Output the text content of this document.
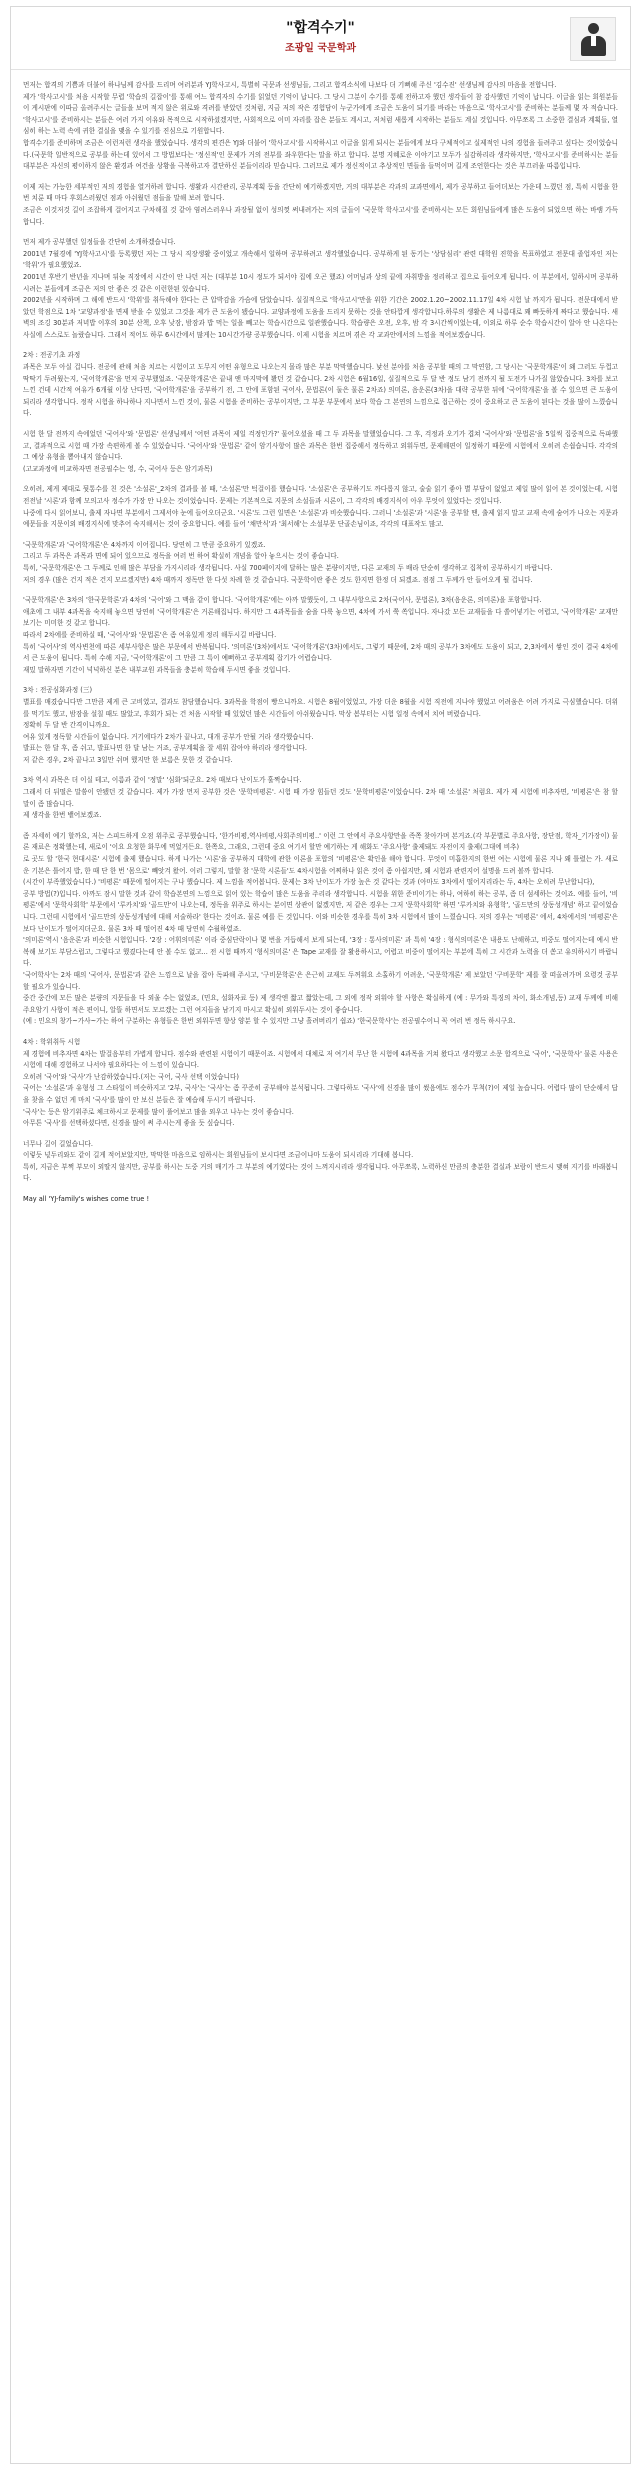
"합격수기"
조광일 국문학과

먼저는 합격의 기쁨과 더불어 하나님께 감사를 드리며 여러분과 YJ학사고시, 특별히 국문과 선생님들, 그리고 합격소식에 나보다 더 기뻐해 주신 '김수진' 선생님께 감사의 마음을 전합니다.
제가 '학사고시'를 처음 시작할 무렵 '학습의 길잡이'를 통해 여느 합격자의 수기를 읽었던 기억이 납니다. 그 당시 그분이 수기를 통해 전하고자 했던 생각들이 참 감사했던 기억이 납니다. 이글을 읽는 회원분들이 게시판에 이따금 올려주시는 글들을 보며 적지 않은 위로와 격려를 받았던 것처럼, 지금 저의 작은 경험담이 누군가에게 조금은 도움이 되기를 바라는 마음으로 '학사고시'를 준비하는 분들께 몇 자 적습니다. '학사고시'를 준비하시는 분들은 여러 가지 이유와 목적으로 시작하셨겠지만, 사회적으로 이미 자리를 잡은 분들도 계시고, 저처럼 새롭게 시작하는 분들도 계실 것입니다. 아무쪼록 그 소중한 결심과 계획들, 열심히 하는 노력 속에 귀한 결실을 맺을 수 있기를 진심으로 기원합니다.
합격수기를 준비하며 조금은 이런저런 생각을 했었습니다. 생각의 편견은 YJ와 더불어 '학사고시'를 시작하시고 이글을 읽게 되시는 분들에게 보다 구체적이고 실제적인 나의 경험을 들려주고 싶다는 것이었습니다.(국문학 일반적으로 공부를 하는데 있어서 그 방법보다는 '정신적'인 문제가 거의 전부를 좌우한다는 말을 하고 합니다. 분명 지혜로운 이야기고 모두가 실감하리라 생각하지만, '학사고시'를 준비하시는 분들 대부분은 자신의 평이하지 않은 환경과 여건을 상황을 극복하고자 결단하신 분들이리라 믿습니다. 그러므로 제가 정신적이고 추상적인 면들을 들먹이며 길게 조언한다는 것은 부끄러울 따름입니다.

이제 저는 가능한 세부적인 저의 경험을 열거하려 합니다. 생활과 시간관리, 공부계획 등을 간단히 예기하겠지만, 거의 대부분은 각과의 교과면에서, 제가 공부하고 들어더보는 가운데 느꼈던 점, 특히 시험을 한번 치룬 때 마다 후회스러웠던 점과 아쉬웠던 점들을 말해 보려 합니다.
조금은 이것저것 길이 조잡하게 걸어지고 구차해질 것 같아 염려스러우나 과장될 없이 성의껏 써내려가는 저의 글들이 '국문학 학사고시'를 준비하시는 모든 회원님들에게 많은 도움이 되었으면 하는 바램 가득합니다.

먼저 제가 공부했던 일정들을 간단히 소개하겠습니다.
2001년 7월경에 'YJ학사고시'를 등록했던 저는 그 당시 직장생활 중이었고 개속해서 일하며 공부하려고 생각했었습니다. 공부하게 된 동기는 '상담심리' 관련 대학원 진학을 목표하였고 전문대 졸업자인 저는 '학위'가 필요했었죠.
2001년 후반기 반년을 지나며 뒤늦 직장에서 시간이 안 나던 저는 (대부분 10시 정도가 되서야 집에 오곤 했죠) 어머님과 상의 끝에 자취방을 정리하고 집으로 들어오게 됩니다. 이 부분에서, 일하시며 공부하시려는 분들에게 조금은 저의 안 좋은 것 같은 이런한된 있습니다.
2002년을 시작하며 그 해에 반드시 '학위'를 취득해야 한다는 큰 압박감을 가슴에 담았습니다. 실질적으로 '학사고시'만을 위한 기간은 2002.1.20~2002.11.17일 4차 시험 날 까지가 됩니다. 전문대에서 받았던 학점으로 1차 '교양과정'을 면제 받을 수 있었고 그것을 제가 큰 도움이 됐습니다. 교양과정에 도움을 드리지 못하는 것을 안타깝게 생각합니다.하루의 생활은 제 나름대로 꽤 빠듯하게 짜다고 했습니다. 새벽의 조깅 30분과 저녁밥 이후의 30분 산책, 오후 낮잠, 밤잠과 밥 먹는 일을 빼고는 학습시간으로 일관했습니다. 학습량은 오전, 오후, 밤 각 3시간씩이었는데, 이외로 하루 순수 학습시간이 알아 안 나온다는 사실에 스스로도 놀랐습니다. 그래서 적어도 하루 6시간에서 많게는 10시간가량 공부했습니다. 이제 시험을 치르며 겪은 각 교과안에서의 느낌을 적어보겠습니다.

2차 : 전공기초 과정
과목은 모두 아실 겁니다. 전공에 관해 처음 치르는 시험이고 도무지 어떤 유형으로 나오는지 몰라 많은 부분 막막했습니다. 낯선 분야를 처음 공부할 때의 그 막연함, 그 당시는 '국문학개론'이 왜 그러도 두껍고 딱딱기 두려웠는지, '국어학개론'을 먼저 공부했었죠. '국문학개론'은 끝내 앤 마지막에 봤던 것 같습니다. 2차 시험은 6월16일, 실질적으로 두 달 반 정도 남기 전까지 될 도전가 나가질 않았습니다. 3차를 보고 느낀 건데 시간적 여유가 6개월 이상 난다면, '국어학개론'을 공부하기 전, 그 안에 포함된 국어사, 문법론(이 둘은 물론 2차죠) 의미론, 음운론(3차)을 대략 공부한 뒤에 '국어학개론'을 볼 수 있으면 큰 도움이 되리라 생각합니다. 정작 시험을 하나하나 지나면서 느낀 것이, 물론 시험을 준비하는 공부이지만, 그 부문 부문에서 보다 학습 그 본연의 느낌으로 접근하는 것이 중요하고 큰 도움이 된다는 것을 많이 느꼈습니다.

시험 한 달 전까지 속에었던 '국어사'와 '문법론' 선생님께서 '어떤 과목이 제일 걱정인가?' 물어오셨을 때 그 두 과목을 말했었습니다. 그 후, 걱정과 오기가 겹쳐 '국어사'와 '문법론'을 5일씩 집중적으로 독파했고, 결과적으로 시험 때 가장 속편하게 볼 수 있었습니다. '국어사'와 '문법론' 같이 암기사항이 많은 과목은 한번 집중해서 정독하고 외워두면, 문제해편이 일정하기 때문에 시험에서 오히려 손쉽습니다. 각각의 그 예상 유형을 뽑아내지 않습니다.
(고교과정에 비교하자면 전공필수는 영, 수, 국어사 등은 암기과목)

오히려, 제게 제대로 뒷통수를 친 것은 '소설론'_2차의 결과를 볼 때, '소설론'만 턱걸이를 했습니다. '소설론'은 공부하기도 까다롭지 않고, 술술 읽기 좋아 별 부담이 없었고 제일 많이 읽어 본 것이었는데, 시험 전전날 '시론'과 함께 모의고사 정수가 가장 안 나오는 것이었습니다. 문제는 기본적으로 지문의 소설들과 시론이, 그 각각의 배경지식이 아우 무엇이 있었다는 것입니다.
나중에 다시 읽어보니, 출제 자나면 부분에서 그제서야 눈에 들어오더군요. '시론'도 그런 일면은 '소설론'과 비슷했습니다. 그러니 '소설론'과 '시론'을 공부할 땐, 출제 읽지 말고 교재 속에 숨어가 나오는 지문과 예문들을 지문이외 배경지식에 맞추어 숙지해서는 것이 중요합니다. 예를 들어 '채만식'과 '최서해'는 소설부문 단골손님이죠, 각각의 대표작도 많고.

'국문학개론'과 '국어학개론'은 4차까지 이어집니다. 당연히 그 만큼 중요하기 있겠죠.
그리고 두 과목은 과목과 면에 되어 있으므로 정독을 여러 번 하여 확실히 개념을 알아 놓으시는 것이 좋습니다.
특히, '국문학개론'은 그 두께로 인해 많은 부담을 가지시리라 생각됩니다. 사실 700페이지에 달하는 많은 분량이지만, 다른 교재의 두 배라 단순히 생각하고 집착히 공부하시기 바랍니다.
저의 경우 (많은 건지 적은 건지 모르겠지만) 4차 때까지 정독만 한 다섯 차례 한 것 같습니다. 국문학이란 좋은 것도 한지면 한정 더 되겠죠. 점점 그 두께가 안 들어오게 될 겁니다.

'국문학개론'은 3차의 '한국문학론'과 4차의 '국어'와 그 맥을 같이 합니다. '국어학개론'에는 아까 말했듯이, 그 내부사항으로 2차(국어사, 문법론), 3차(음운론, 의미론)을 포함합니다.
애초에 그 내부 4과목을 숙지해 놓으면 당연히 '국어학개론'은 거론해집니다. 하지만 그 4과목들을 숨을 다룩 놓으면, 4차에 가서 쭉 쏙입니다. 자나갔 모든 교재들을 다 쏠어넣기는 어렵고, '국어학개론' 교재만 보기는 미미한 것 같고 합니다.
따라서 2차에를 준비하실 때, '국어사'와 '문법론'은 좀 여유있게 정리 해두시길 바랍니다.
특히 '국어사'의 역사변천에 따른 세부사항은 많은 부문에서 반복됩니다. '의미론'(3차)에서도 '국어학개론'(3차)에서도, 그렇기 때문에, 2차 때의 공부가 3차에도 도움이 되고, 2,3차에서 쌓인 것이 결국 4차에서 큰 도움이 됩니다. 특히 수해 지금, '국어학개론'이 그 만큼 그 특이 예뻐하고 공부계획 잡기가 어렵습니다.
재밌 말하자면 기간이 넉넉하신 분은 내부교원 과목들을 충분히 학습해 두시면 좋을 것입니다.

3차 : 전공심화과정 (三)
별표를 매겼습니다만 그만큼 제게 큰 고비였고, 결과도 참담했습니다. 3과목을 학점이 빵으니까요. 시험은 8월이었었고, 가장 더운 8월을 시험 직전에 지나야 했었고 어려움은 어려 가지로 극심했습니다. 더위를 먹기도 했고, 밤잠을 설칠 때도 많았고, 후회가 되는 건 처음 시작할 때 있었던 많은 시간들이 아쉬웠습니다. 막상 봄부터는 시험 일정 속에서 치여 버렸습니다.
정확히 두 달 반 간격이니까요.
여유 있게 정독할 시간들이 없습니다. 거기에다가 2차가 끝나고, 대개 공부가 안될 거라 생각했습니다.
발표는 한 달 후, 좀 쉬고, 발표나면 한 달 남는 거죠, 공부계획을 잘 세워 잡아야 하리라 생각합니다.
저 같은 경우, 2차 끝나고 3일만 쉬며 했지만 한 보름은 못한 것 같습니다.

3차 역시 과목은 더 이실 테고, 이름과 같이 '정말' '심화'되군요. 2차 때보다 난이도가 훌쩍습니다.
그래서 더 뒤떨은 말씀이 안됐던 것 같습니다. 제가 가장 먼저 공부한 것은 '문학비평론'. 시험 때 가장 힘들던 것도 '문학비평론'이었습니다. 2차 때 '소설론' 처럼요. 제가 제 시험에 비추자면, '비평론'은 참 할 말이 좀 많습니다.
제 생각을 한번 뱉어보겠죠.

좀 자세히 예기 할까요, 저는 스피드하게 오점 위주로 공부했습니다, '한가비평,역사비평,사회주의비평..' 이런 그 안에서 주요사항만을 족쪽 찾아가며 본거죠.(각 부문별로 주요사항, 장단점, 학자_기가장이) 물론 재료은 정확했는데, 새로이 '이요 요청한 화무에 먹었거든요. 한쪽요, 그래요, 그런데 중요 여기서 할만 예기하는 게 해화도 '주요사항' 출제돼도 자전이지 출제(그대에 비추)
로 곳도 할 '한국 현대시론' 시험에 출제 했습니다. 하게 나가는 '시론'을 공부하지 대학에 관한 이론을 포합의 '비평론'은 확인을 해야 합니다. 무엇이 미흡한지의 한번 여는 시험에 물론 지나 왜 틀렸는 가. 새로운 기본은 틀어지 밥, 한 때 단 한 번 '몸으로' 빼앗겨 왔어. 이러 그렇지, 말할 참 '문학 시론들'도 4차시험을 어찌하나 읽은 것이 좀 아쉽지만, 왜 시험과 관련지어 설명을 드려 볼까 합니다.
(시간이 부족했었습니다.) '비평론' 때문에 떨어지는 구나 했습니다. 제 느낌을 적어봅니다. 문제는 3차 난이도가 가장 높은 것 같다는 것과 (아마도 3차에서 떨어지리라는 두, 4차는 오히려 무난합니다),
공부 방법(?)입니다. 아까도 잠시 말한 것과 같이 학습본연의 느낌으로 읽어 있는 학습이 많은 도움을 주리라 생각합니다. 시험을 위한 준비이기는 하나, 여하히 하는 공부, 좀 더 섬세하는 것이죠. 예를 들어, '비평론'에서 '문학사회학' 부문에서 '루카치'와 '골드만'이 나오는데, 정독을 위주로 하시는 분이면 상관이 없겠지만, 저 같은 경우는 그저 '문학사회학' 하면 '루카치와 유형학', '골드만의 상동성개념' 하고 끝이었습니다. 그런데 시험에서 '골드만의 상동성개념에 대해 서술하라' 한다는 것이죠. 물론 예를 든 것입니다. 이와 비슷한 경우를 특히 3차 시험에서 많이 느꼈습니다. 저의 경우는 '비평론' 에서, 4차에서의 '비평론'은 보다 난이도가 떨어지더군요. 물론 3차 때 떨어진 4차 때 당연히 수월하였죠.
'의미론'역시 '음운론'과 비슷한 시험입니다. '2장 : 어휘의미론' 이라 중심단락이나 몇 번을 거듭해서 보게 되는데, '3장 : 통사의미론' 과 특히 '4장 : 형식의미론'은 내용도 난해하고, 비중도 떨어지는데 예시 반복해 보기도 부담스럽고, 그렇다고 했겼다는데 안 볼 수도 없고... 전 시험 때까지 '형식의미론' 은 Tape 교재를 잘 활용하시고, 어렵고 비중이 떨어지는 부분에 특히 그 시간과 노력을 더 쏟고 유의하시기 바랍니다.
'국어학사'는 2차 때의 '국어사, 문법론'과 같은 느낌으로 날을 잡아 독파해 주시고, '구비문학론'은 은근히 교재도 두꺼워요 소홀하기 어려운, '국문학개론' 제 보았던 '구비문학' 제를 잘 떠올려가며 요령것 공부할 필요가 있습니다.
중간 중간에 모든 많은 분량의 지문들을 다 외울 수는 없었죠, (민요, 설화자료 등) 제 생각엔 짧고 짧았는데, 그 외에 정작 외워야 할 사항은 확실하게 (예 : 무가와 특징의 차이, 화소개념,등) 교재 두께에 비해 주요암기 사항이 적은 편이니, 알뜰 하면서도 모르겠는 그런 여지들을 남기지 마시고 확실히 외워두시는 것이 좋습니다.
(예 : 민요의 창가~가사~가는 하여 구분하는 유형들은 한번 외워두면 향상 양분 할 수 있지만 그냥 흘려버리기 쉽죠) '한국문학사'는 전공필수이니 꼭 여러 번 정독 하시구요.

4차 : 학위취득 시험
제 경험에 비추자면 4차는 발걸음부터 가볍게 합니다. 점수와 관련된 시험이기 때문이죠. 시험에서 대체로 저 여기서 무난 한 시험에 4과목을 거쳐 왔다고 생각했고 소문 합격으로 '국어', '국문학사' 물론 사용은 시험에 대해 경험하고 나서야 필요하다는 이 느낌이 있습니다.
오히려 '국어'와 '국사'가 난감하였습니다.(저는 국어, 국사 선택 이었습니다)
국어는 '소설론'과 유형성 그 스타일이 비슷하지고 '2부, 국사'는 '국사'는 좀 꾸준히 공부해야 분석됩니다. 그렇다하도 '국사'에 신경을 많이 썼음에도 점수가 무척(?)이 제일 높습니다. 어렵다 많이 단순해서 답을 찾을 수 없던 게 마치 '국사'를 많이 안 보신 분들은 잘 예습해 두시기 바랍니다.
'국사'는 등은 암기위주로 체크하시고 문제를 많이 풀어보고 많을 외우고 나누는 것이 좋습니다.
아무튼 '국사'를 선택하셨다면, 신경을 많이 써 주시는게 좋을 듯 싶습니다.

너무나 길이 길었습니다.
이렇듯 넋두리와도 같이 길게 적어보았지만, 막막한 마음으로 임하시는 회원님들이 보시다면 조금이나마 도움이 되시리라 기대해 봅니다.
특히, 지금은 부쩍 부모이 외딸지 않지만, 공부를 하시는 도중 거의 매기가 그 부분의 예기였다는 것이 느껴지시리라 생각됩니다. 아무쪼록, 노력하신 만큼의 충분한 결실과 보람이 반드시 맺혀 지기를 바래봅니다.

May all 'YJ-family's wishes come true !
